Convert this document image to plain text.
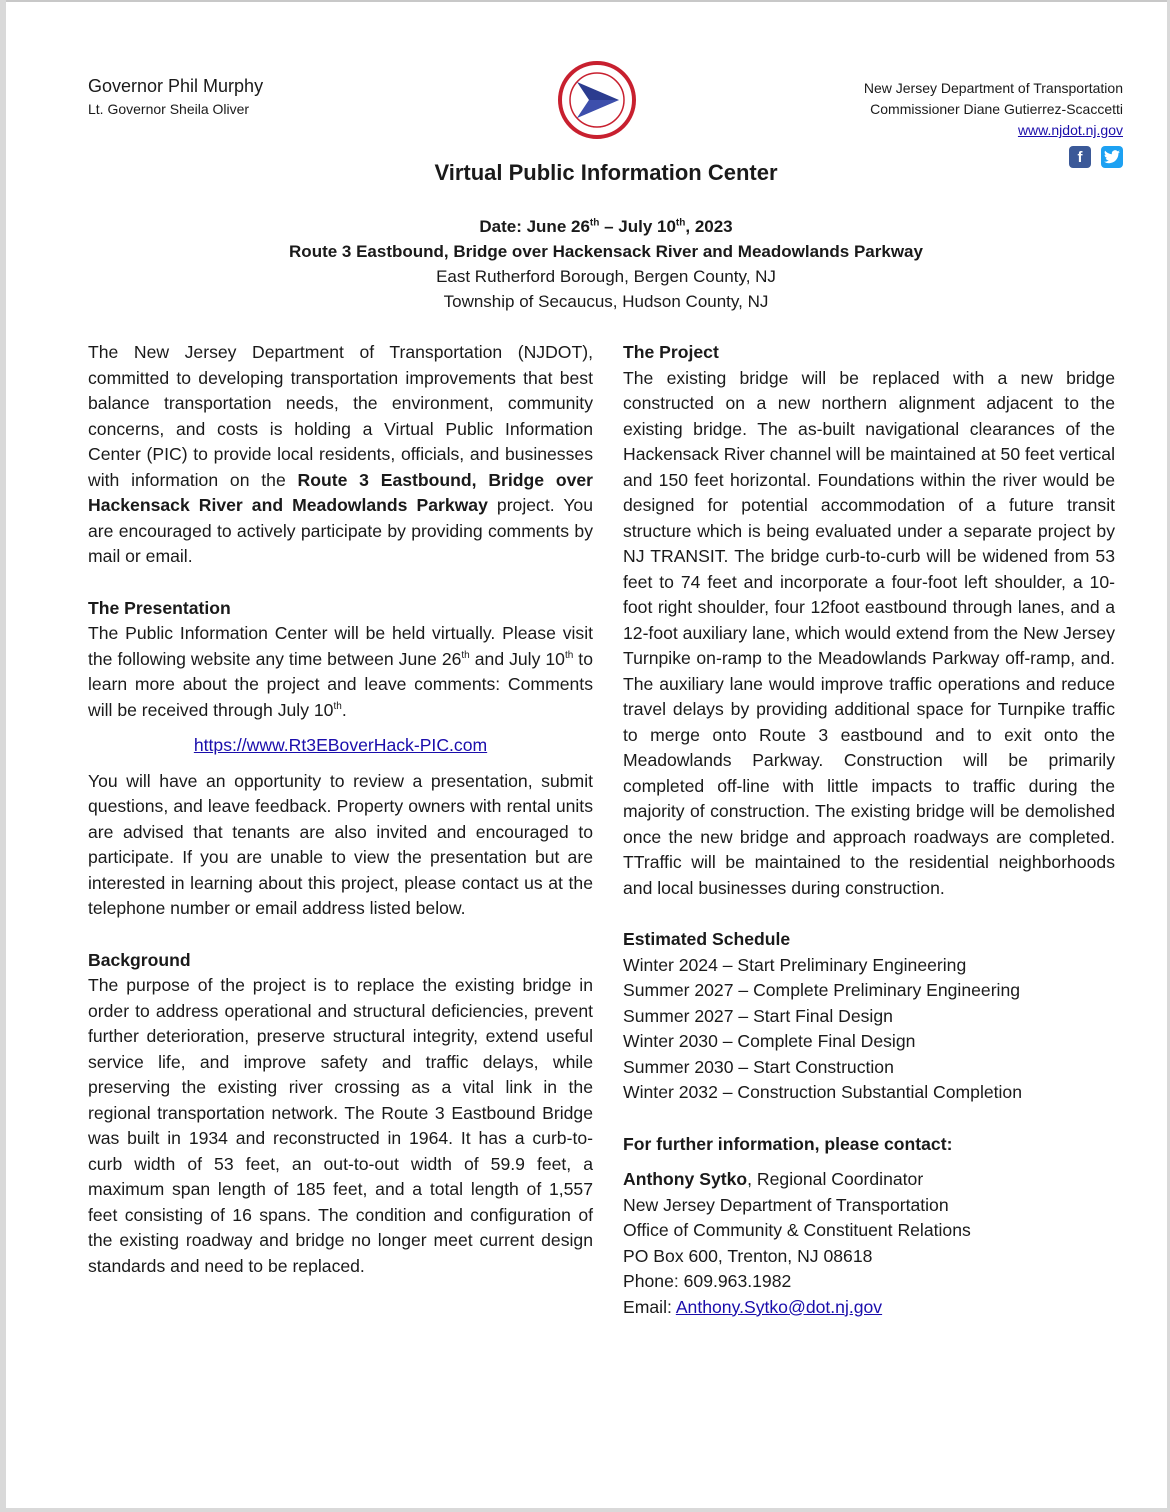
Governor Phil Murphy
Lt. Governor Sheila Oliver
New Jersey Department of Transportation
Commissioner Diane Gutierrez-Scaccetti
www.njdot.nj.gov
f
Virtual Public Information Center
Date: June 26th – July 10th, 2023
Route 3 Eastbound, Bridge over Hackensack River and Meadowlands Parkway
East Rutherford Borough, Bergen County, NJ
Township of Secaucus, Hudson County, NJ

The New Jersey Department of Transportation (NJDOT), committed to developing transportation improvements that best balance transportation needs, the environment, community concerns, and costs is holding a Virtual Public Information Center (PIC) to provide local residents, officials, and businesses with information on the Route 3 Eastbound, Bridge over Hackensack River and Meadowlands Parkway project. You are encouraged to actively participate by providing comments by mail or email.

The Presentation

The Public Information Center will be held virtually. Please visit the following website any time between June 26th and July 10th to learn more about the project and leave comments: Comments will be received through July 10th.

https://www.Rt3EBoverHack-PIC.com

You will have an opportunity to review a presentation, submit questions, and leave feedback. Property owners with rental units are advised that tenants are also invited and encouraged to participate. If you are unable to view the presentation but are interested in learning about this project, please contact us at the telephone number or email address listed below.

Background

The purpose of the project is to replace the existing bridge in order to address operational and structural deficiencies, prevent further deterioration, preserve structural integrity, extend useful service life, and improve safety and traffic delays, while preserving the existing river crossing as a vital link in the regional transportation network. The Route 3 Eastbound Bridge was built in 1934 and reconstructed in 1964. It has a curb-to-curb width of 53 feet, an out-to-out width of 59.9 feet, a maximum span length of 185 feet, and a total length of 1,557 feet consisting of 16 spans. The condition and configuration of the existing roadway and bridge no longer meet current design standards and need to be replaced.

The Project

The existing bridge will be replaced with a new bridge constructed on a new northern alignment adjacent to the existing bridge. The as-built navigational clearances of the Hackensack River channel will be maintained at 50 feet vertical and 150 feet horizontal. Foundations within the river would be designed for potential accommodation of a future transit structure which is being evaluated under a separate project by NJ TRANSIT. The bridge curb-to-curb will be widened from 53 feet to 74 feet and incorporate a four-foot left shoulder, a 10-foot right shoulder, four 12foot eastbound through lanes, and a 12-foot auxiliary lane, which would extend from the New Jersey Turnpike on-ramp to the Meadowlands Parkway off-ramp, and. The auxiliary lane would improve traffic operations and reduce travel delays by providing additional space for Turnpike traffic to merge onto Route 3 eastbound and to exit onto the Meadowlands Parkway. Construction will be primarily completed off-line with little impacts to traffic during the majority of construction. The existing bridge will be demolished once the new bridge and approach roadways are completed. TTraffic will be maintained to the residential neighborhoods and local businesses during construction.

Estimated Schedule

Winter 2024 – Start Preliminary Engineering

Summer 2027 – Complete Preliminary Engineering

Summer 2027 – Start Final Design

Winter 2030 – Complete Final Design

Summer 2030 – Start Construction

Winter 2032 – Construction Substantial Completion

For further information, please contact:

Anthony Sytko, Regional Coordinator

New Jersey Department of Transportation

Office of Community & Constituent Relations

PO Box 600, Trenton, NJ 08618

Phone: 609.963.1982

Email: Anthony.Sytko@dot.nj.gov
